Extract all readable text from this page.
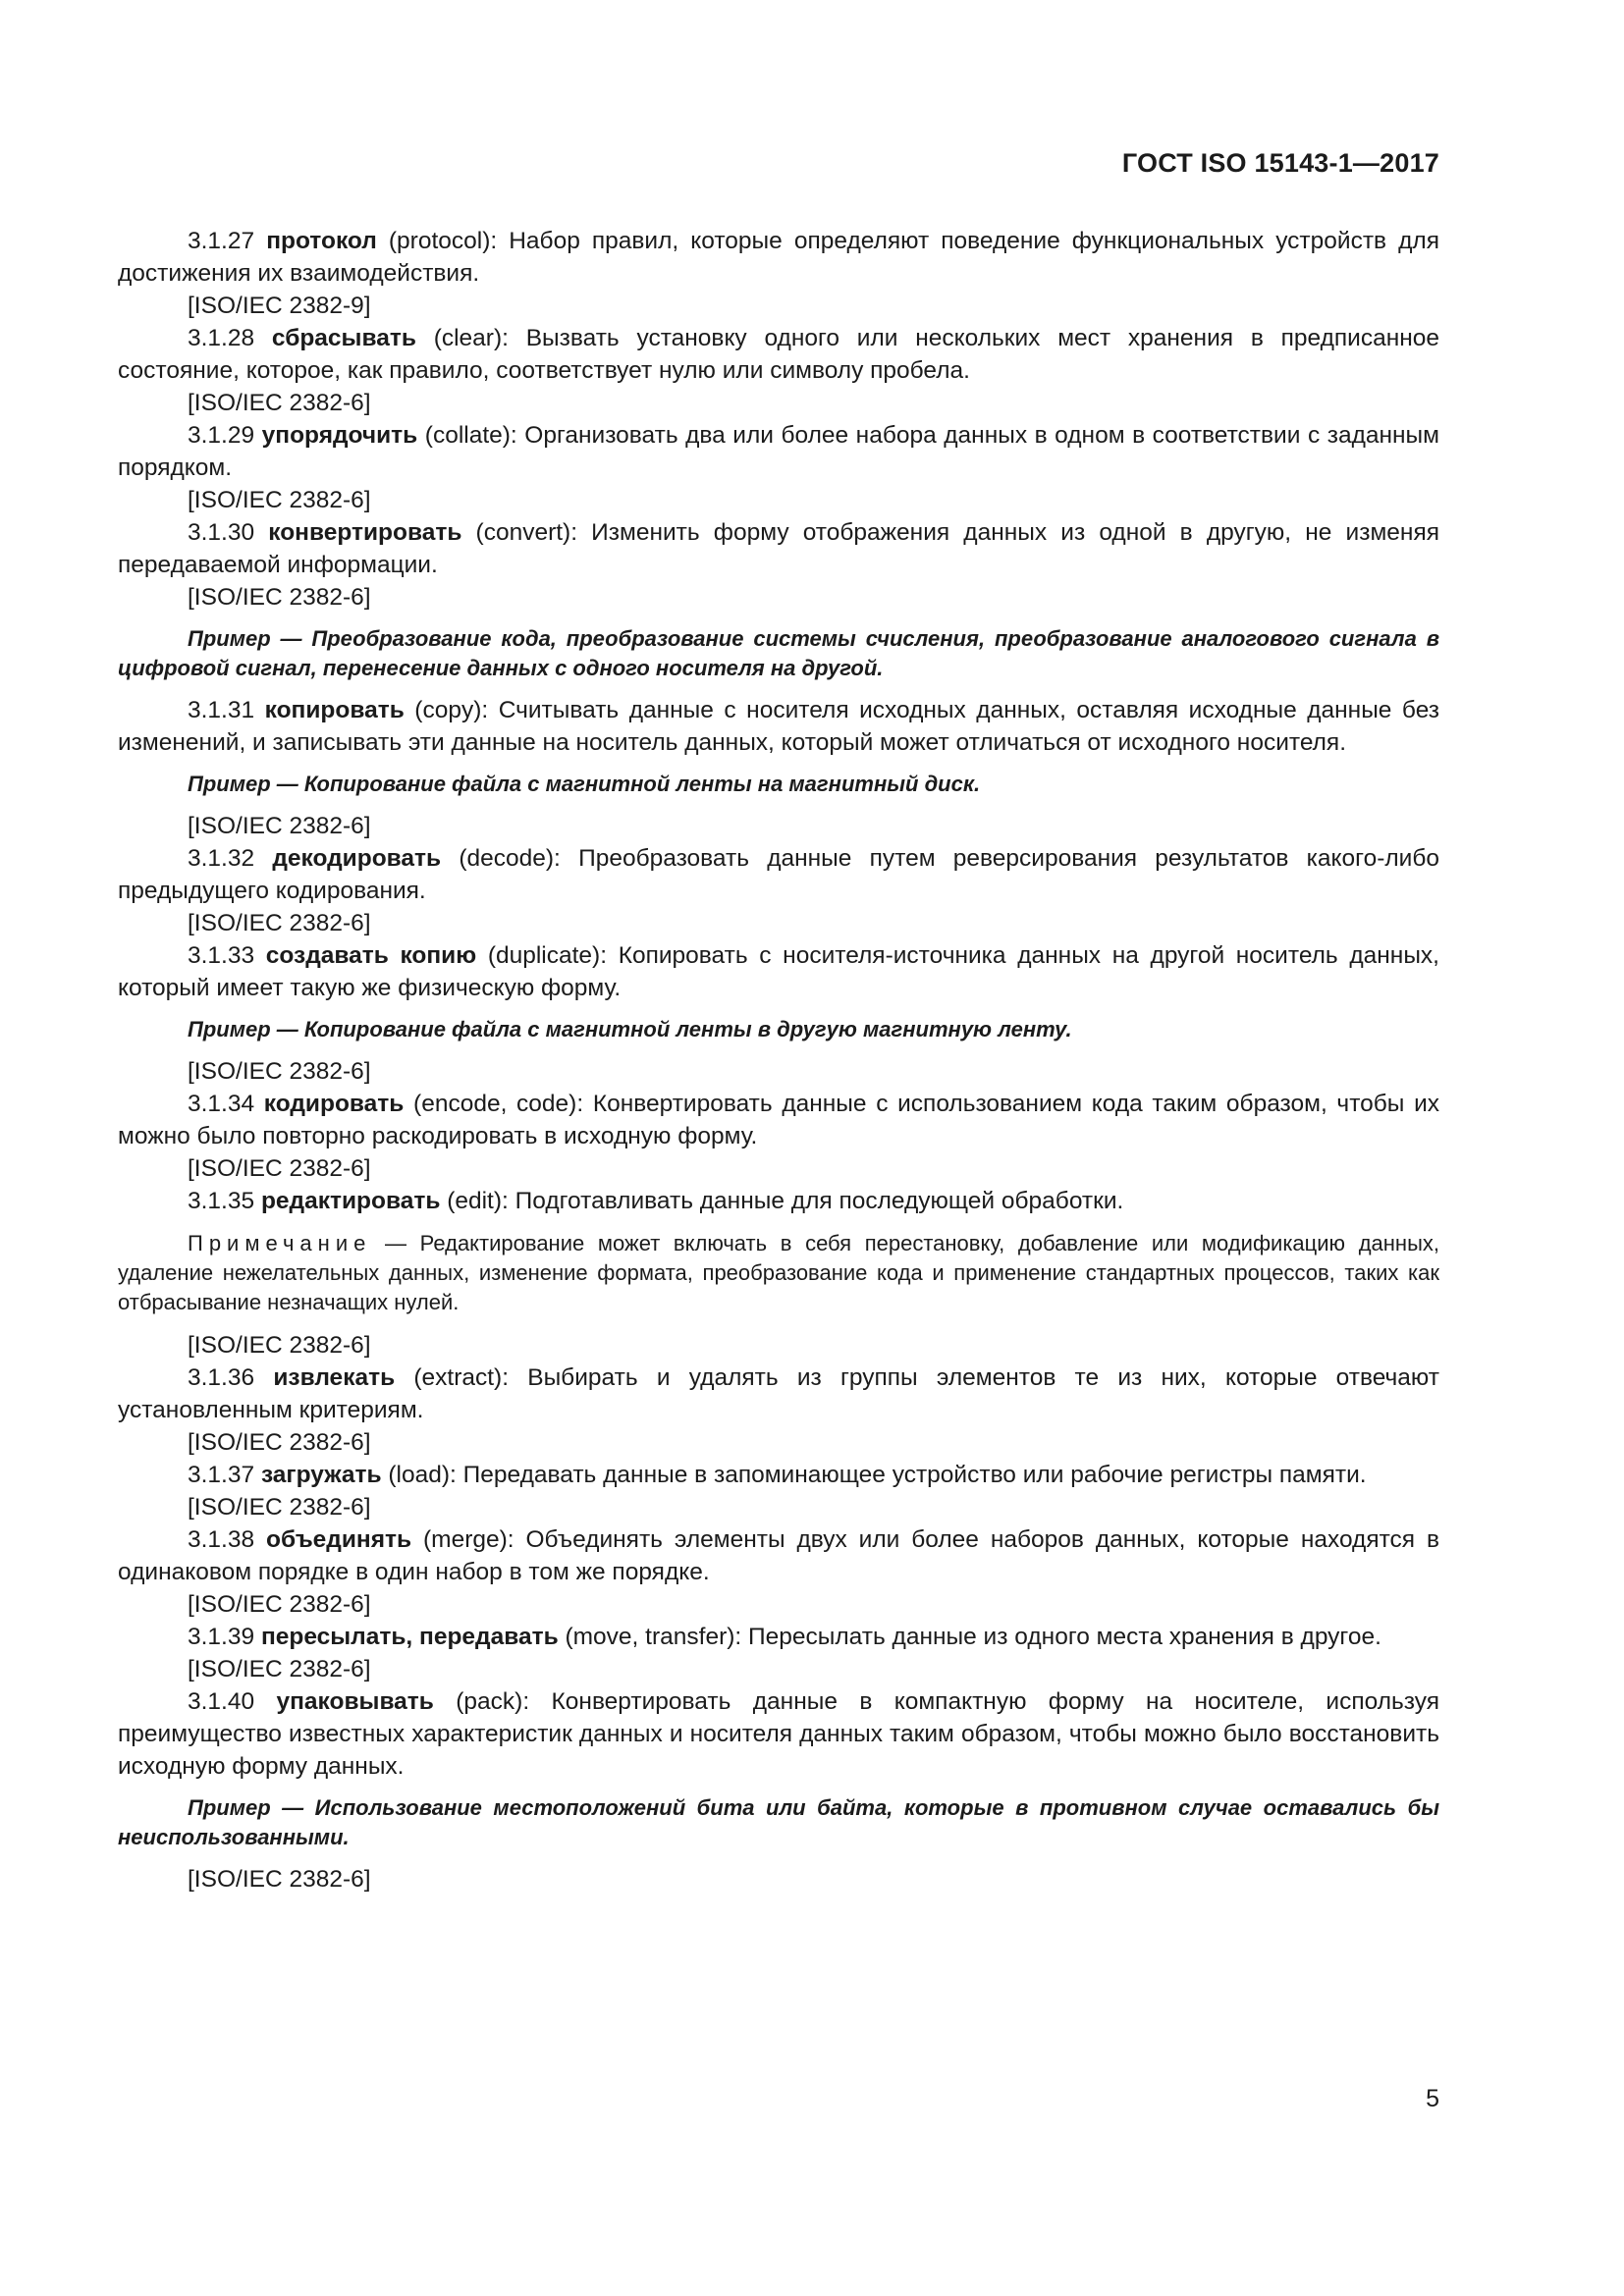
ГОСТ ISO 15143-1—2017
3.1.27 протокол (protocol): Набор правил, которые определяют поведение функциональных устройств для достижения их взаимодействия.
[ISO/IEC 2382-9]
3.1.28 сбрасывать (clear): Вызвать установку одного или нескольких мест хранения в предписанное состояние, которое, как правило, соответствует нулю или символу пробела.
[ISO/IEC 2382-6]
3.1.29 упорядочить (collate): Организовать два или более набора данных в одном в соответствии с заданным порядком.
[ISO/IEC 2382-6]
3.1.30 конвертировать (convert): Изменить форму отображения данных из одной в другую, не изменяя передаваемой информации.
[ISO/IEC 2382-6]
Пример — Преобразование кода, преобразование системы счисления, преобразование аналогового сигнала в цифровой сигнал, перенесение данных с одного носителя на другой.
3.1.31 копировать (copy): Считывать данные с носителя исходных данных, оставляя исходные данные без изменений, и записывать эти данные на носитель данных, который может отличаться от исходного носителя.
Пример — Копирование файла с магнитной ленты на магнитный диск.
[ISO/IEC 2382-6]
3.1.32 декодировать (decode): Преобразовать данные путем реверсирования результатов какого-либо предыдущего кодирования.
[ISO/IEC 2382-6]
3.1.33 создавать копию (duplicate): Копировать с носителя-источника данных на другой носитель данных, который имеет такую же физическую форму.
Пример — Копирование файла с магнитной ленты в другую магнитную ленту.
[ISO/IEC 2382-6]
3.1.34 кодировать (encode, code): Конвертировать данные с использованием кода таким образом, чтобы их можно было повторно раскодировать в исходную форму.
[ISO/IEC 2382-6]
3.1.35 редактировать (edit): Подготавливать данные для последующей обработки.
Примечание — Редактирование может включать в себя перестановку, добавление или модификацию данных, удаление нежелательных данных, изменение формата, преобразование кода и применение стандартных процессов, таких как отбрасывание незначащих нулей.
[ISO/IEC 2382-6]
3.1.36 извлекать (extract): Выбирать и удалять из группы элементов те из них, которые отвечают установленным критериям.
[ISO/IEC 2382-6]
3.1.37 загружать (load): Передавать данные в запоминающее устройство или рабочие регистры памяти.
[ISO/IEC 2382-6]
3.1.38 объединять (merge): Объединять элементы двух или более наборов данных, которые находятся в одинаковом порядке в один набор в том же порядке.
[ISO/IEC 2382-6]
3.1.39 пересылать, передавать (move, transfer): Пересылать данные из одного места хранения в другое.
[ISO/IEC 2382-6]
3.1.40 упаковывать (pack): Конвертировать данные в компактную форму на носителе, используя преимущество известных характеристик данных и носителя данных таким образом, чтобы можно было восстановить исходную форму данных.
Пример — Использование местоположений бита или байта, которые в противном случае оставались бы неиспользованными.
[ISO/IEC 2382-6]
5
